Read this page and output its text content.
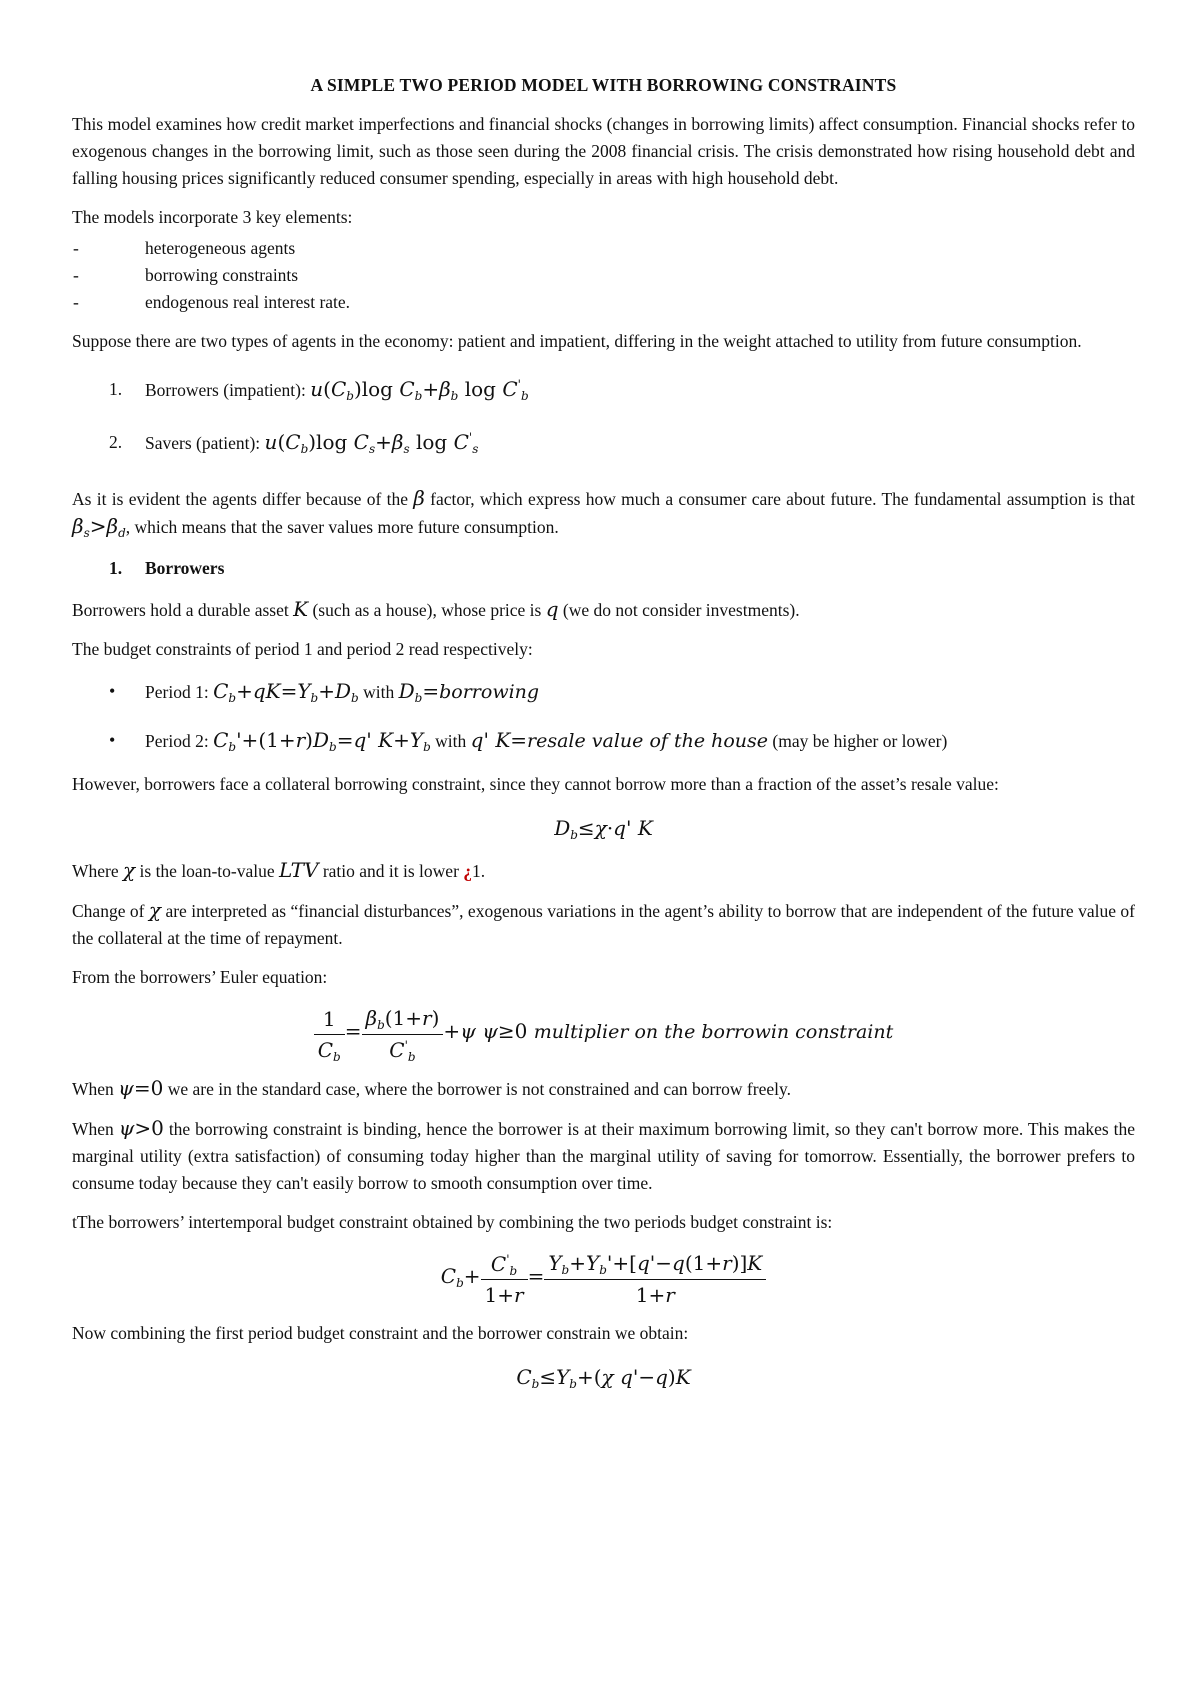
A SIMPLE TWO PERIOD MODEL WITH BORROWING CONSTRAINTS

This model examines how credit market imperfections and financial shocks (changes in borrowing limits) affect consumption. Financial shocks refer to exogenous changes in the borrowing limit, such as those seen during the 2008 financial crisis. The crisis demonstrated how rising household debt and falling housing prices significantly reduced consumer spending, especially in areas with high household debt.

The models incorporate 3 key elements:

- heterogeneous agents
- borrowing constraints
- endogenous real interest rate.

Suppose there are two types of agents in the economy: patient and impatient, differing in the weight attached to utility from future consumption.

1. Borrowers (impatient): $u(C_b)\log$ $C_b+\beta_b$ $\log C'_b$
2. Savers (patient): $u(C_b)\log$ $C_s+\beta_s$ $\log C'_s$

As it is evident the agents differ because of the β factor, which express how much a consumer care about future. The fundamental assumption is that $\beta_s>\beta_d$, which means that the saver values more future consumption.

1. Borrowers

Borrowers hold a durable asset K (such as a house), whose price is q (we do not consider investments).

The budget constraints of period 1 and period 2 read respectively:

• Period 1: $C_b+qK=Y_b+D_b$ with $D_b=borrowing$
• Period 2: $C_b'+(1+r)D_b=q'$ $K+Y_b$ with q' K=resale value of the house (may be higher or lower)

However, borrowers face a collateral borrowing constraint, since they cannot borrow more than a fraction of the asset’s resale value:

$D_b\le\chi\cdot q'$ K

Where χ is the loan-to-value LTV ratio and it is lower ¿1.

Change of χ are interpreted as “financial disturbances”, exogenous variations in the agent’s ability to borrow that are independent of the future value of the collateral at the time of repayment.

From the borrowers’ Euler equation:

$\frac{1}{C_b} = \frac{\beta_b(1+r)}{C'_b} +\psi$ ψ≥0 multiplier on the borrowin constraint

When ψ=0 we are in the standard case, where the borrower is not constrained and can borrow freely.

When ψ>0 the borrowing constraint is binding, hence the borrower is at their maximum borrowing limit, so they can't borrow more. This makes the marginal utility (extra satisfaction) of consuming today higher than the marginal utility of saving for tomorrow. Essentially, the borrower prefers to consume today because they can't easily borrow to smooth consumption over time.

tThe borrowers’ intertemporal budget constraint obtained by combining the two periods budget constraint is:

$C_b+ \frac{C'_b}{1+r} = \frac{Y_b+Y_b'+[q'-q(1+r)]K}{1+r}$

Now combining the first period budget constraint and the borrower constrain we obtain:

$C_b\le Y_b+(\chi$ q'−q)K
